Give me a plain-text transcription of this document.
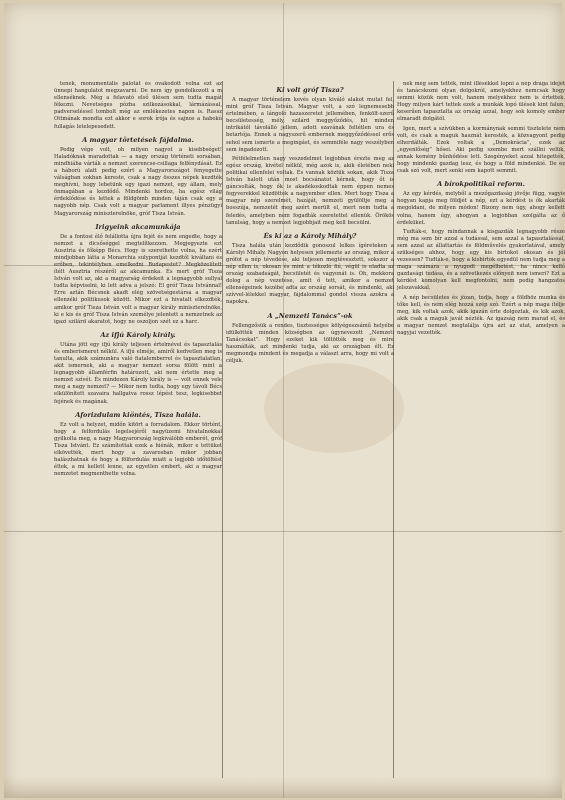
tenek, monumentális palotát és ovakodott volna ezt az ünnepi hangulatot megzavarni. De nem így gondolkozott a m ellenséknek. Még a felavató első ülésen sem tudta magát fékezni. Nevetséges pózba szilkozásokkal, lármázással, padverseléssel tombolt még az emlékezetes napon is. Rassz Ottmának mondta ezt akkor e sorok írója és sajnos a habokú fullagás letelepesedett.

A magyar törtetések fájdalma.

Pedig vége volt, oh milyen nagyot a kisebbséget! Haladóknak maradottak — a nagy ország történeti sorsában, mindhiába várták a nemzet szerencse-csillaga felfénydását. Ez a háború alatt pedig ezért a Magyarországot fenyegette válságban sokban kereste, csak a nagy összes népek kezdték meghívni, hogy lehetünk egy igazi nemzet, egy állam, mely önmagában a kezdődő. Mindenki hordoz, ha egész világ érdeklődése és lettek a földgömb minden táján csak egy a nagyobb nép. Csak volt a magyar parlament illyes pénzügyi Magyarország miniszterelnöke, gróf Tisza István.

Irigyeink akcamunkája

De a fontosi élő felállotta újra fejét és nem engedte, hogy a nemzet a dicsőséggel megtelítkezzen. Megjegyezte ezt Ausztria és főképp Bécs. Hogy is szerethette volna, ha ezért mindjobban látta a Monarchia sulypontját kezdtől kiváltani és erőben, tekintélyben emelkedni Budapestet? Megközelített ítélt Ausztria részéről az akcamunka. És mert gróf Tisza István volt az, aki a magyarság érdekeit a legnagyobb sullyal tudta képviselni, ki lett adva a jelszó: El gróf Tisza Istvánnal! Erre aztán Bécsnek akadt elég szövetségestársa a magyar ellenzéki politikusok között. Mikor ezt a hivatalt elkezdték, amikor gróf Tisza István volt a magyar király miniszterelnöke, ki e kis és gróf Tisza István személye jelentett a nemzetnek az igazi szilárd akaratot, hogy ne oszoljon szét ez a harc.

Az ifjú Károly király.

Utána jött egy ifjú király teljesen értelmével és tapasztalás és emberismeret nélkül. A ifjú elméje, amiről kedvetlen meg is tanulta, akik számunkra való fiatalemberrel és tapasztalatlan, akit ismernek, aki a magyar nemzet sorsa fölött mint a legnagyobb államférfin határozott, aki nem értette meg a nemzet szívét. És mindezen Károly király is — volt ennek vele meg a nagy nemzet? — Mikor nem tudta, hogy egy távoli Bécs elkülönített szavaira hallgatva rossz lépést tesz, legkisebbet fejének és magának.

Aforizdulam kiöntés, Tisza halála.

Ez volt a helyzet, midőn kitört a forradalom. Ekkor történt, hogy a felfordulás legelsejéről nagyüzemi hivatalnokkal gyilkolta meg, a nagy Magyarország legkiválóbb emberét, gróf Tisza Istvánt. Ez számítottak ezek a hiénák, mikor e tettüket elkövették, mert hogy a zavarosban mikor jobban halászhatnak és hogy a fölfordulás miatt a legjobb időtöltést éltek, a mi kellett lenne, az egyetlen embert, aki a magyar nemzetet megmenthette volna.

Ki volt gróf Tisza?

A magyar történelem kevés olyan kiváló alakot mutat fel, mint gróf Tisza István. Magyar volt, a szó legnemesebb értelmében, a lángoló hazaszeretet jellemében, fenkölt-szerű becsületesség, mély, szilárd meggyőződés, hit minden intrikától távolálló jellem, adott szavának feltétlen ura és betartója. Ennek a nagyszerű embernek meggyőződéssel erős sehol sem ismerte a megingást, és semmiféle nagy veszélyben sem ingadozott.

Pétfélelmetlen nagy veszedelmet legjobban érezte meg az egész ország, kivétel nélkül, még azok is, akik életében neki politikai ellenfelei voltak. És vannak köztük sokan, akik Tisza István halott után most bocsánatot kérnek, hogy őt is gáncsolták, hogy ők is akadékoskodtak nem éppen nemes fegyverekkel küzdöttek a nagyember ellen. Mert hogy Tisza a magyar nép szerelmét, hazáját, nemzeti gyülöltje meg a bosszúja, nemzetét meg azért merült el, mert nem tudta a feledés, amelyben nem fogadták szeretettel ellenük. Örökös tanulság, hogy a nemzet legjobbjait meg kell becsülni.

És ki az a Károly Mihály?

Tisza halála után kezdődik gonoszul lelkes ígéreteken a Károlyi Mihály. Nagyon helyesen jellemezte az ország, mikor a grófot a nép tévedése, aki teljesen megtévesztett, sokszor a nép ellen is, okosan és mint a tékozló fiú, végül is eladta az ország szabadságát, becsületét és vagyonát is. Óh, mekkora dolog a nép vezetése, amit ő tett, amikor a nemzet ellenségeinek kezébe adta az ország sorsát, és mindenki, aki szívvel-lélekkel magyar, fájdalommal gondol vissza azokra a napokra.

A „Nemzeti Tanács”-ok

Fellengzősük a rendes, tisztességes kölyégeszsámű helyébe idülkötték minden községben az úgynevezett „Nemzeti Tanácsokat”. Hogy ezeket kik töltötték meg és mire használták, azt mindenki tudja, aki az országban élt. Ez megmondja mindent és megadja a választ arra, hogy mi volt a céljuk.

nek még sem tették, mint illésékkel lopni a nép drága idejét és tanácskozni olyan dolgokról, amelyekhez nemcsak hogy semmi közük nem volt, hanem melyekhez nem is értettek. Hogy milyen kárt tettek ezek a munkák lopó ülések kint falun, keserűen tapasztalta az ország azzal, hogy sok komoly ember elmaradt dolgától.

Igen, mert a szívükben a kormánynak semmi tisztelete nem volt, és csak a maguk hasznát keresték, a közvagyont pedig elherdálták. Ezek voltak a „Demokrácia”, ezek az „egyenlőség” hősei. Aki pedig szembe mert szállni velük, annak kemény bűnhődése lett. Szegényeket azzal hitegették, hogy mindenki gazdag lesz, és hogy a föld mindenkié. De ez csak szó volt, mert senki sem kapott semmit.

A bírokpolitikai reform.

Az egy kérdés, melyből a mezőgazdaság jövője függ, vagyis hogyan kapja meg földjét a nép, ezt a kérdést is ők akarták megoldani, de milyen módon! Bizony nem úgy, ahogy kellett volna, hanem úgy, ahogyan a legjobban szolgálta az ő érdeküket.

Tudták-e, hogy mindannak a kisgazdák legnagyobb része még ma sem bír azzal a tudással, sem azzal a tapasztalással, sem azzal az állattartás és földművelés gyakorlatával, amely szükséges ahhoz, hogy egy kis birtokot okosan és jól vezessen? Tudták-e, hogy a kisbirtok egyedül nem tudja meg a maga számára a nyugodt megélhetést, ha nincs kellő gazdasági tudása, és a szövetkezés előnyeit nem ismeri? Ezt a kérdést komolyan kell megfontolni, nem pedig hangzatos jelszavakkal.

A nép becsületes és józan, tudja, hogy a földhöz munka és tőke kell, és nem elég hozzá szép szó. Ezért a nép maga ítélje meg, kik voltak azok, akik igazán érte dolgoztak, és kik azok, akik csak a maguk javát nézték. Az igazság nem marad el, és a magyar nemzet megtalálja újra azt az utat, amelyen a nagyjai vezették.
